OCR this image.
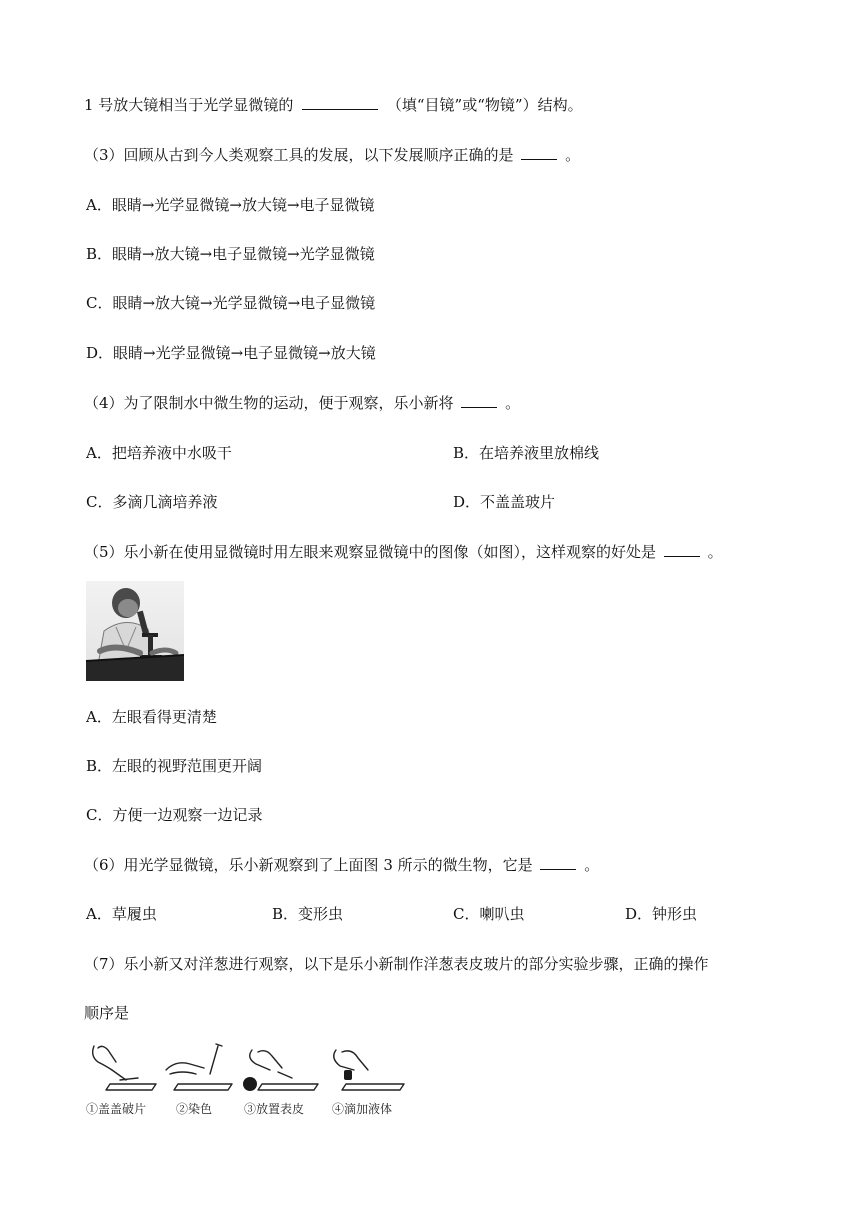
1 号放大镜相当于光学显微镜的	（填“目镜”或“物镜”）结构。
（3）回顾从古到今人类观察工具的发展，以下发展顺序正确的是	。
A．眼睛→光学显微镜→放大镜→电子显微镜
B．眼睛→放大镜→电子显微镜→光学显微镜
C．眼睛→放大镜→光学显微镜→电子显微镜
D．眼睛→光学显微镜→电子显微镜→放大镜
（4）为了限制水中微生物的运动，便于观察，乐小新将	。
A．把培养液中水吸干	B．在培养液里放棉线
C．多滴几滴培养液	D．不盖盖玻片
（5）乐小新在使用显微镜时用左眼来观察显微镜中的图像（如图），这样观察的好处是	。
A．左眼看得更清楚
B．左眼的视野范围更开阔
C．方便一边观察一边记录
（6）用光学显微镜，乐小新观察到了上面图 3 所示的微生物，它是	。
A．草履虫	B．变形虫	C．喇叭虫	D．钟形虫
（7）乐小新又对洋葱进行观察，以下是乐小新制作洋葱表皮玻片的部分实验步骤，正确的操作
顺序是
①盖盖破片 ②染色	③放置表皮 ④滴加液体
